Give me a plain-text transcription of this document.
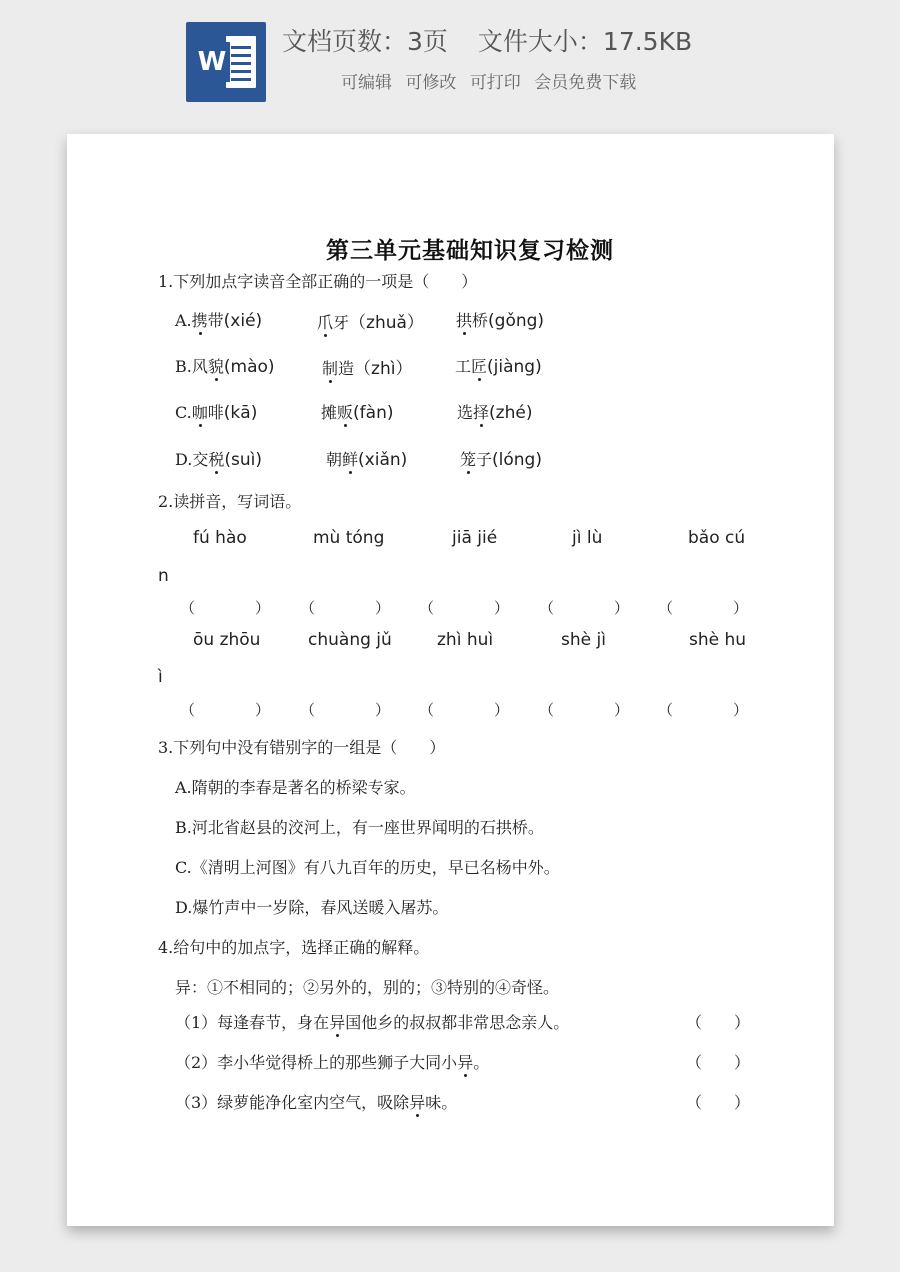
W
文档页数：3页 文件大小：17.5KB
可编辑 可修改 可打印 会员免费下载
第三单元基础知识复习检测
1.下列加点字读音全部正确的一项是（　　）
A.携带(xié)	爪牙（zhuǎ） 拱桥(gǒng)
B.风貌(mào)	制造（zhì）	工匠(jiàng)
C.咖啡(kā)	摊贩(fàn)	选择(zhé)
D.交税(suì)	朝鲜(xiǎn)	笼子(lóng)
2.读拼音，写词语。
fú hào	mù tóng	jiā jié	jì lù	bǎo cú
n
（　　　　） （　　　　） （　　　　） （　　　　） （　　　　）
ōu zhōu	chuàng jǔ	zhì huì	shè jì	shè hu
ì
（　　　　） （　　　　） （　　　　） （　　　　） （　　　　）
3.下列句中没有错别字的一组是（　　）
A.隋朝的李春是著名的桥梁专家。
B.河北省赵县的洨河上，有一座世界闻明的石拱桥。
C.《清明上河图》有八九百年的历史，早已名杨中外。
D.爆竹声中一岁除，春风送暖入屠苏。
4.给句中的加点字，选择正确的解释。
异：①不相同的；②另外的，别的；③特别的④奇怪。
（1）每逢春节，身在异国他乡的叔叔都非常思念亲人。	（　　）
（2）李小华觉得桥上的那些狮子大同小异。	（　　）
（3）绿萝能净化室内空气，吸除异味。	（　　）
